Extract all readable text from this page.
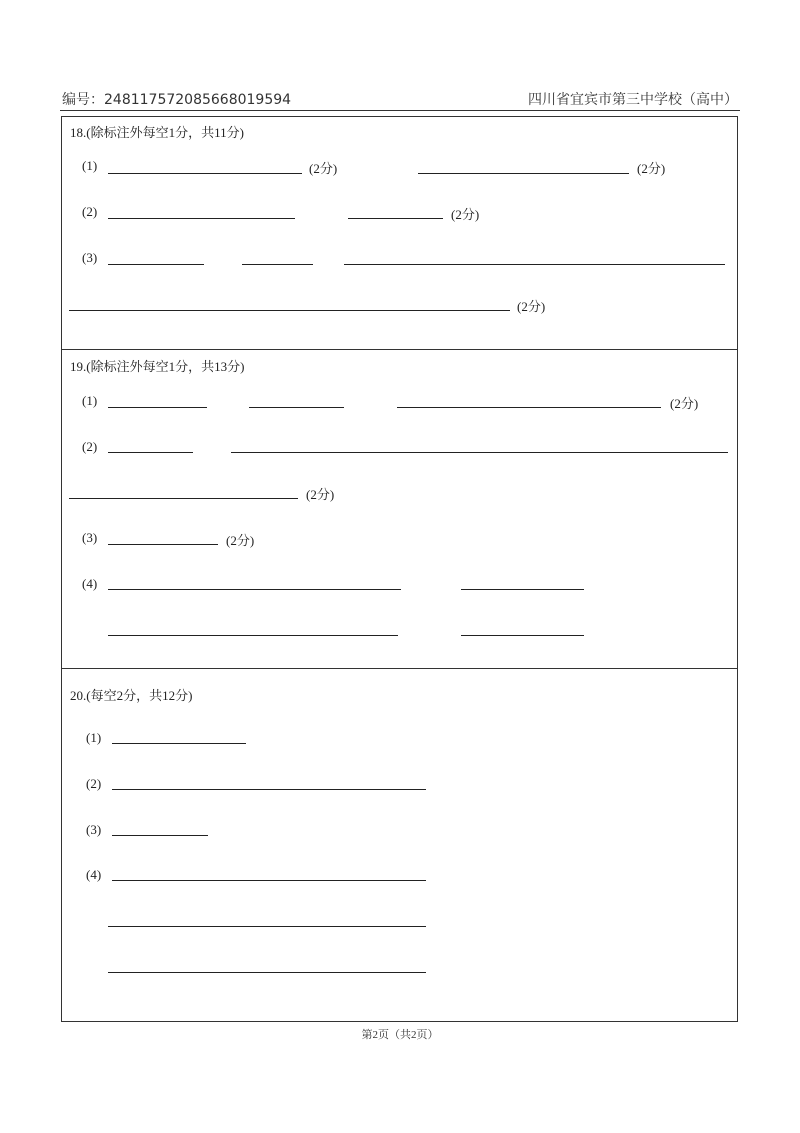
编号：248117572085668019594	四川省宜宾市第三中学校（高中）
18.(除标注外每空1分，共11分)
(1)	(2分)	(2分)
(2)	(2分)
(3)
(2分)
19.(除标注外每空1分，共13分)
(1)	(2分)
(2)
(2分)
(3)	(2分)
(4)
20.(每空2分，共12分)
(1)
(2)
(3)
(4)
第2页（共2页）
